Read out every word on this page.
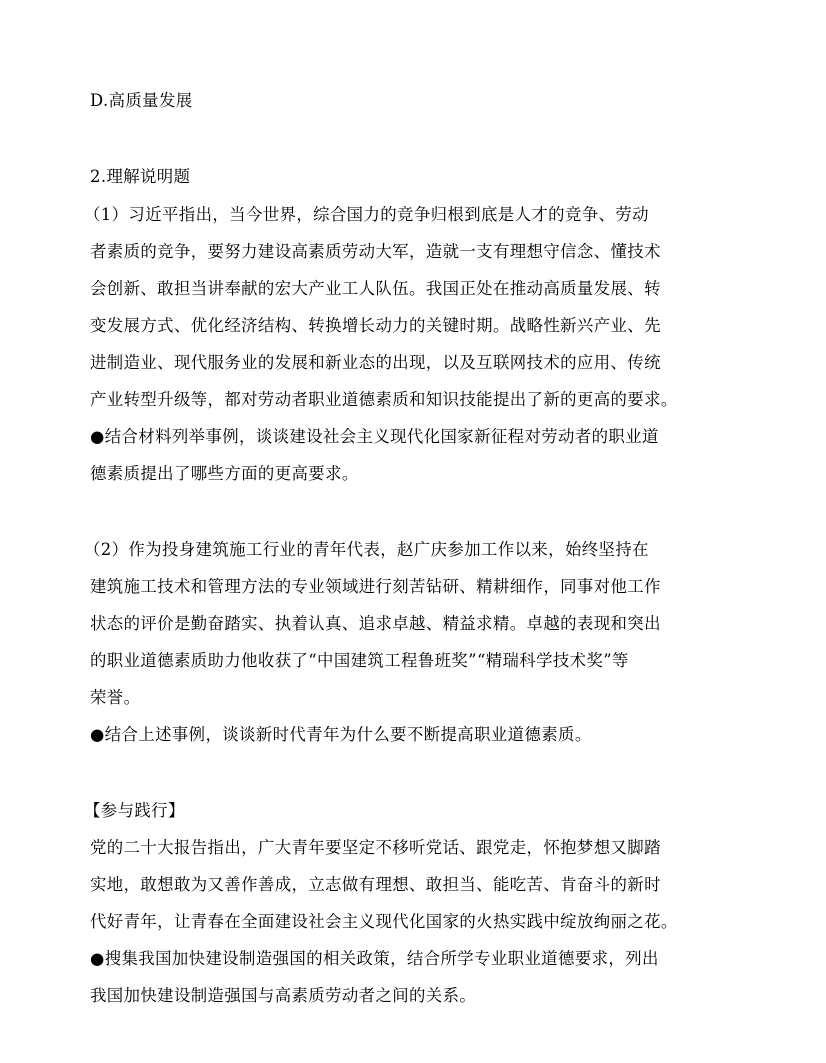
D.高质量发展
2.理解说明题
（1）习近平指出，当今世界，综合国力的竞争归根到底是人才的竞争、劳动
者素质的竞争，要努力建设高素质劳动大军，造就一支有理想守信念、懂技术
会创新、敢担当讲奉献的宏大产业工人队伍。我国正处在推动高质量发展、转
变发展方式、优化经济结构、转换增长动力的关键时期。战略性新兴产业、先
进制造业、现代服务业的发展和新业态的出现，以及互联网技术的应用、传统
产业转型升级等，都对劳动者职业道德素质和知识技能提出了新的更高的要求。
●结合材料列举事例，谈谈建设社会主义现代化国家新征程对劳动者的职业道
德素质提出了哪些方面的更高要求。
（2）作为投身建筑施工行业的青年代表，赵广庆参加工作以来，始终坚持在
建筑施工技术和管理方法的专业领域进行刻苦钻研、精耕细作，同事对他工作
状态的评价是勤奋踏实、执着认真、追求卓越、精益求精。卓越的表现和突出
的职业道德素质助力他收获了“中国建筑工程鲁班奖”“精瑞科学技术奖”等
荣誉。
●结合上述事例，谈谈新时代青年为什么要不断提高职业道德素质。
【参与践行】
党的二十大报告指出，广大青年要坚定不移听党话、跟党走，怀抱梦想又脚踏
实地，敢想敢为又善作善成，立志做有理想、敢担当、能吃苦、肯奋斗的新时
代好青年，让青春在全面建设社会主义现代化国家的火热实践中绽放绚丽之花。
●搜集我国加快建设制造强国的相关政策，结合所学专业职业道德要求，列出
我国加快建设制造强国与高素质劳动者之间的关系。
